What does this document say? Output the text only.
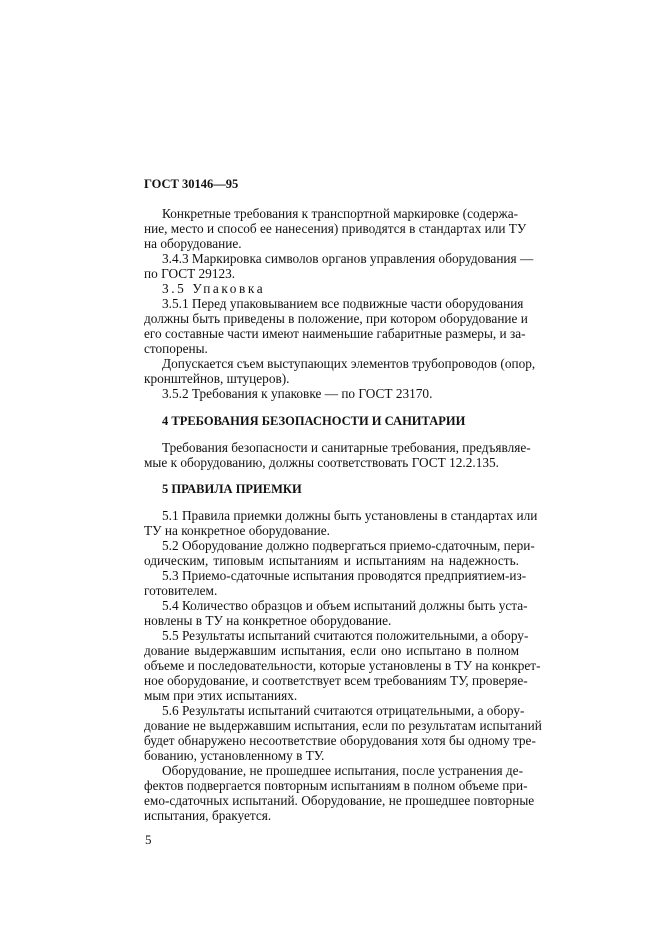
ГОСТ 30146—95
Конкретные требования к транспортной маркировке (содержа-
ние, место и способ ее нанесения) приводятся в стандартах или ТУ
на оборудование.
3.4.3 Маркировка символов органов управления оборудования —
по ГОСТ 29123.
3.5 Упаковка
3.5.1 Перед упаковыванием все подвижные части оборудования
должны быть приведены в положение, при котором оборудование и
его составные части имеют наименьшие габаритные размеры, и за-
стопорены.
Допускается съем выступающих элементов трубопроводов (опор,
кронштейнов, штуцеров).
3.5.2 Требования к упаковке — по ГОСТ 23170.
4 ТРЕБОВАНИЯ БЕЗОПАСНОСТИ И САНИТАРИИ
Требования безопасности и санитарные требования, предъявляе-
мые к оборудованию, должны соответствовать ГОСТ 12.2.135.
5 ПРАВИЛА ПРИЕМКИ
5.1 Правила приемки должны быть установлены в стандартах или
ТУ на конкретное оборудование.
5.2 Оборудование должно подвергаться приемо-сдаточным, пери-
одическим, типовым испытаниям и испытаниям на надежность.
5.3 Приемо-сдаточные испытания проводятся предприятием-из-
готовителем.
5.4 Количество образцов и объем испытаний должны быть уста-
новлены в ТУ на конкретное оборудование.
5.5 Результаты испытаний считаются положительными, а обору-
дование выдержавшим испытания, если оно испытано в полном
объеме и последовательности, которые установлены в ТУ на конкрет-
ное оборудование, и соответствует всем требованиям ТУ, проверяе-
мым при этих испытаниях.
5.6 Результаты испытаний считаются отрицательными, а обору-
дование не выдержавшим испытания, если по результатам испытаний
будет обнаружено несоответствие оборудования хотя бы одному тре-
бованию, установленному в ТУ.
Оборудование, не прошедшее испытания, после устранения де-
фектов подвергается повторным испытаниям в полном объеме при-
емо-сдаточных испытаний. Оборудование, не прошедшее повторные
испытания, бракуется.
5
